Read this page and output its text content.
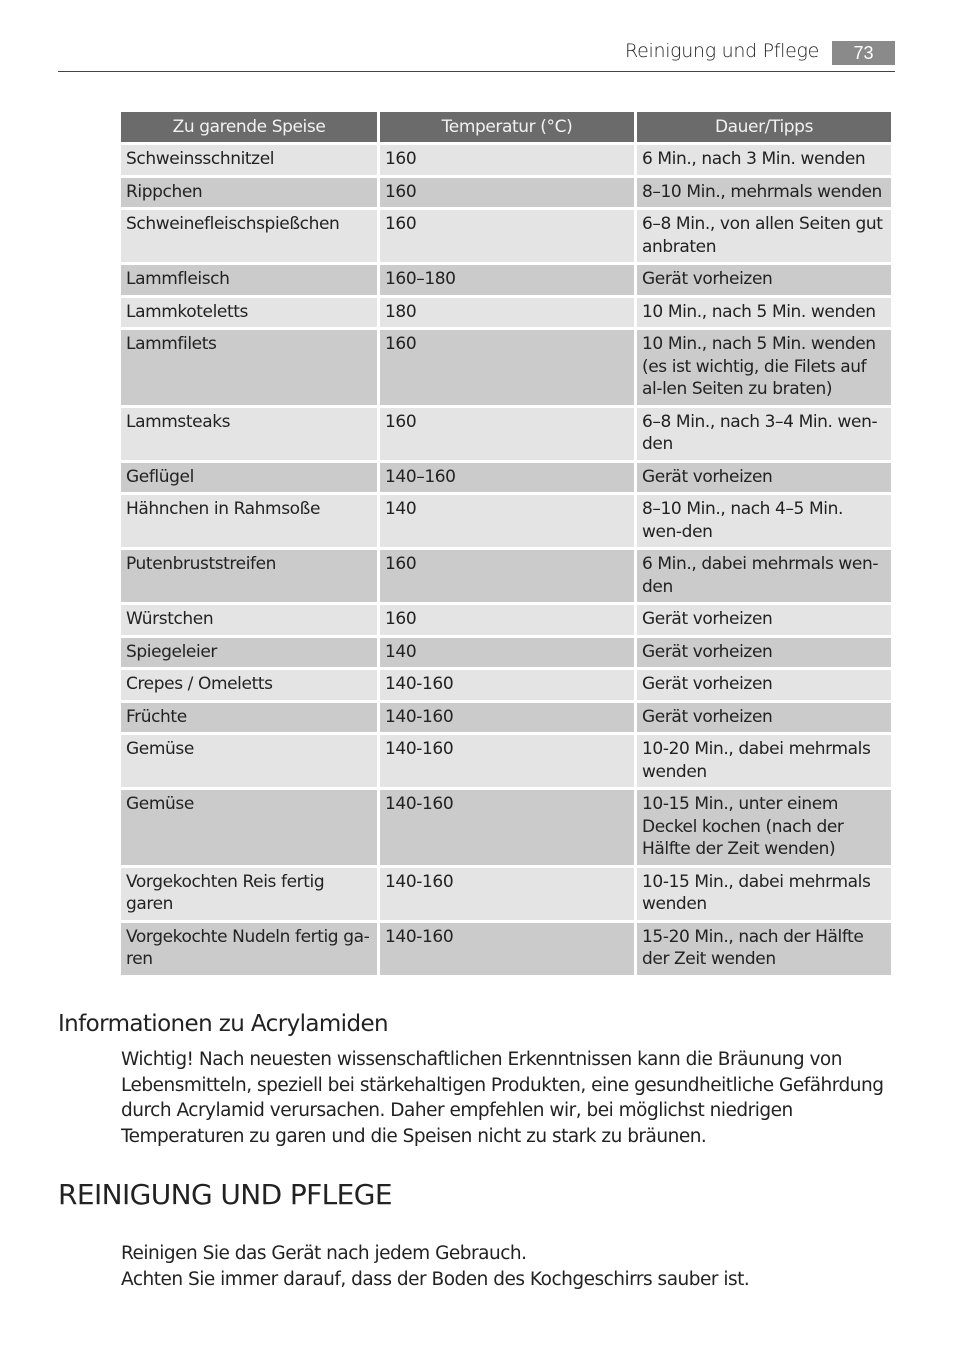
Reinigung und Pflege	73
Zu garende Speise	Temperatur (°C)	Dauer/Tipps
Schweinsschnitzel	160	6 Min., nach 3 Min. wenden
Rippchen	160	8–10 Min., mehrmals wenden
Schweinefleischspießchen	160	6–8 Min., von allen Seiten gut anbraten
Lammfleisch	160–180	Gerät vorheizen
Lammkoteletts	180	10 Min., nach 5 Min. wenden
Lammfilets	160	10 Min., nach 5 Min. wenden (es ist wichtig, die Filets auf al-len Seiten zu braten)
Lammsteaks	160	6–8 Min., nach 3–4 Min. wen-den
Geflügel	140–160	Gerät vorheizen
Hähnchen in Rahmsoße	140	8–10 Min., nach 4–5 Min. wen-den
Putenbruststreifen	160	6 Min., dabei mehrmals wen-den
Würstchen	160	Gerät vorheizen
Spiegeleier	140	Gerät vorheizen
Crepes / Omeletts	140-160	Gerät vorheizen
Früchte	140-160	Gerät vorheizen
Gemüse	140-160	10-20 Min., dabei mehrmals wenden
Gemüse	140-160	10-15 Min., unter einem Deckel kochen (nach der Hälfte der Zeit wenden)
Vorgekochten Reis fertig garen	140-160	10-15 Min., dabei mehrmals wenden
Vorgekochte Nudeln fertig ga-ren	140-160	15-20 Min., nach der Hälfte der Zeit wenden
Informationen zu Acrylamiden
Wichtig! Nach neuesten wissenschaftlichen Erkenntnissen kann die Bräunung von Lebensmitteln, speziell bei stärkehaltigen Produkten, eine gesundheitliche Gefährdung durch Acrylamid verursachen. Daher empfehlen wir, bei möglichst niedrigen Temperaturen zu garen und die Speisen nicht zu stark zu bräunen.
REINIGUNG UND PFLEGE
Reinigen Sie das Gerät nach jedem Gebrauch.
Achten Sie immer darauf, dass der Boden des Kochgeschirrs sauber ist.
